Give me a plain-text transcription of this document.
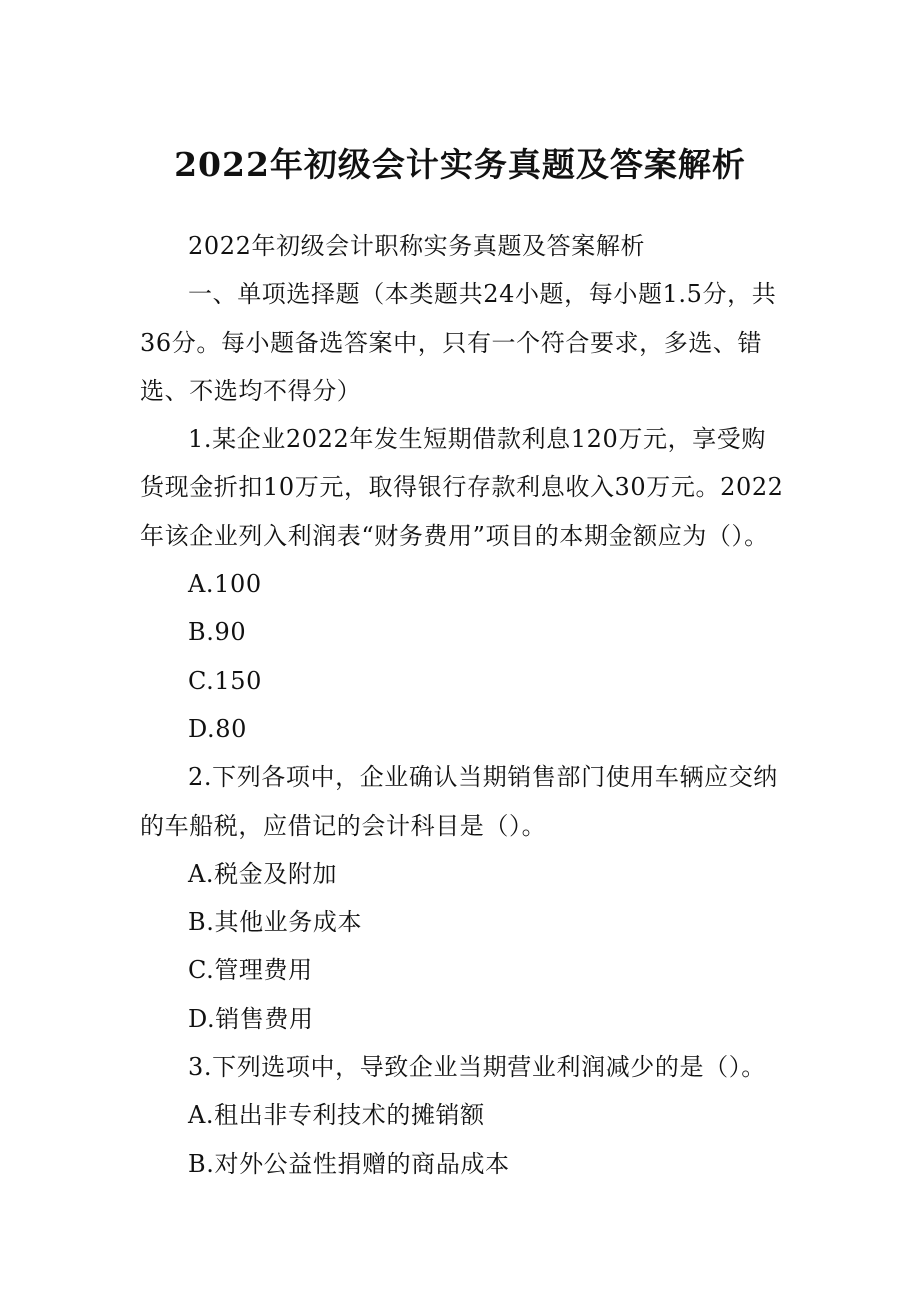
2022年初级会计实务真题及答案解析

2022年初级会计职称实务真题及答案解析

一、单项选择题（本类题共24小题，每小题1.5分，共36分。每小题备选答案中，只有一个符合要求，多选、错选、不选均不得分）

1.某企业2022年发生短期借款利息120万元，享受购货现金折扣10万元，取得银行存款利息收入30万元。2022年该企业列入利润表“财务费用”项目的本期金额应为（）。

A.100

B.90

C.150

D.80

2.下列各项中，企业确认当期销售部门使用车辆应交纳的车船税，应借记的会计科目是（）。

A.税金及附加

B.其他业务成本

C.管理费用

D.销售费用

3.下列选项中，导致企业当期营业利润减少的是（）。

A.租出非专利技术的摊销额

B.对外公益性捐赠的商品成本
